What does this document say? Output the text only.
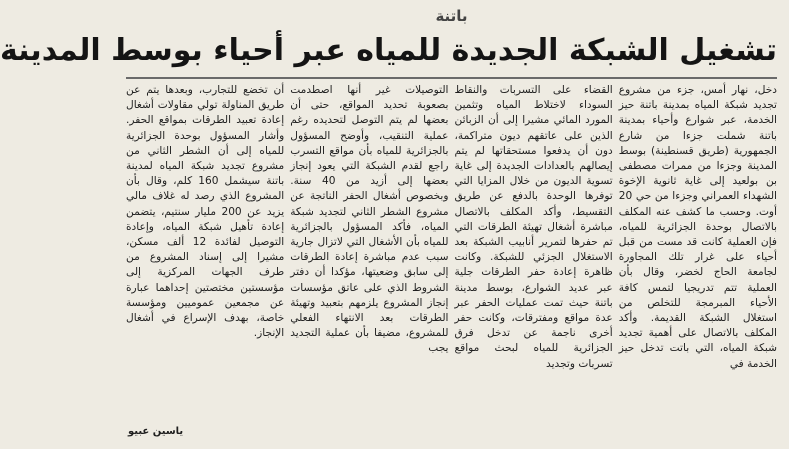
باتنة
تشغيل الشبكة الجديدة للمياه عبر أحياء بوسط المدينة

دخل، نهار أمس، جزء من مشروع تجديد شبكة المياه بمدينة باتنة حيز الخدمة، عبر شوارع وأحياء بمدينة باتنة شملت جزءا من شارع الجمهورية (طريق قسنطينة) بوسط المدينة وجزءا من ممرات مصطفى بن بولعيد إلى غاية ثانوية الإخوة الشهداء العمراني وجزءا من حي 20 أوت. وحسب ما كشف عنه المكلف بالاتصال بوحدة الجزائرية للمياه، فإن العملية كانت قد مست من قبل أحياء على غرار تلك المجاورة لجامعة الحاج لخضر، وقال بأن العملية تتم تدريجيا لتمس كافة الأحياء المبرمجة للتخلص من استغلال الشبكة القديمة. وأكد المكلف بالاتصال على أهمية تجديد شبكة المياه، التي باتت تدخل حيز الخدمة في

القضاء على التسربات والنقاط السوداء لاختلاط المياه وتثمين المورد المائي مشيرا إلى أن الزبائن الذين على عاتقهم ديون متراكمة، دون أن يدفعوا مستحقاتها لم يتم إيصالهم بالعدادات الجديدة إلى غاية تسوية الديون من خلال المزايا التي توفرها الوحدة بالدفع عن طريق التقسيط، وأكد المكلف بالاتصال مباشرة أشغال تهيئة الطرقات التي تم حفرها لتمرير أنابيب الشبكة بعد الاستغلال الجزئي للشبكة. وكانت ظاهرة إعادة حفر الطرقات جلية عبر عديد الشوارع، بوسط مدينة باتنة حيث تمت عمليات الحفر عبر عدة مواقع ومفترقات، وكانت حفر أخرى ناجمة عن تدخل فرق الجزائرية للمياه لبحث مواقع تسربات وتجديد

التوصيلات غير أنها اصطدمت بصعوبة تحديد المواقع، حتى أن بعضها لم يتم التوصل لتحديده رغم عملية التنقيب، وأوضح المسؤول بالجزائرية للمياه بأن مواقع التسرب راجع لقدم الشبكة التي يعود إنجاز بعضها إلى أزيد من 40 سنة. وبخصوص أشغال الحفر الناتجة عن مشروع الشطر الثاني لتجديد شبكة المياه، فأكد المسؤول بالجزائرية للمياه بأن الأشغال التي لاتزال جارية سبب عدم مباشرة إعادة الطرقات إلى سابق وضعيتها، مؤكدا أن دفتر الشروط الذي على عاتق مؤسسات إنجاز المشروع يلزمهم بتعبيد وتهيئة الطرقات بعد الانتهاء الفعلي للمشروع، مضيفا بأن عملية التجديد يجب

أن تخضع للتجارب، وبعدها يتم عن طريق المناولة تولي مقاولات أشغال إعادة تعبيد الطرقات بمواقع الحفر. وأشار المسؤول بوحدة الجزائرية للمياه إلى أن الشطر الثاني من مشروع تجديد شبكة المياه لمدينة باتنة سيشمل 160 كلم، وقال بأن المشروع الذي رصد له غلاف مالي يزيد عن 200 مليار سنتيم، يتضمن إعادة تأهيل شبكة المياه، وإعادة التوصيل لفائدة 12 ألف مسكن، مشيرا إلى إسناد المشروع من طرف الجهات المركزية إلى مؤسستين مختصتين إحداهما عبارة عن مجمعين عموميين ومؤسسة خاصة، بهدف الإسراع في أشغال الإنجاز.

ياسين عبيو
